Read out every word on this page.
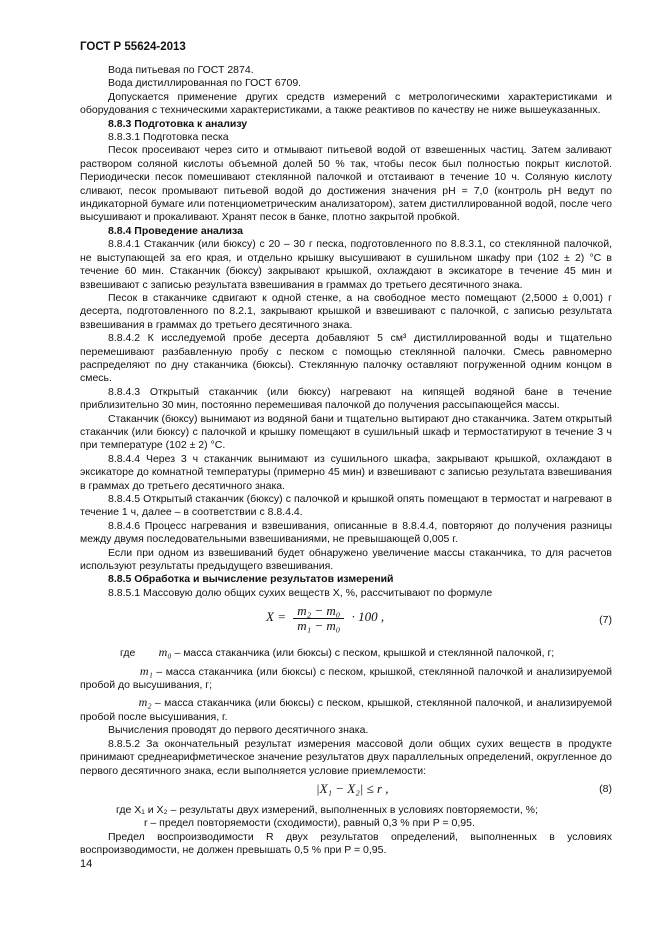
ГОСТ Р 55624-2013

Вода питьевая по ГОСТ 2874.

Вода дистиллированная по ГОСТ 6709.

Допускается применение других средств измерений с метрологическими характеристиками и оборудования с техническими характеристиками, а также реактивов по качеству не ниже вышеуказанных.

8.8.3 Подготовка к анализу

8.8.3.1 Подготовка песка

Песок просеивают через сито и отмывают питьевой водой от взвешенных частиц. Затем заливают раствором соляной кислоты объемной долей 50 % так, чтобы песок был полностью покрыт кислотой. Периодически песок помешивают стеклянной палочкой и отстаивают в течение 10 ч. Соляную кислоту сливают, песок промывают питьевой водой до достижения значения pH = 7,0 (контроль pH ведут по индикаторной бумаге или потенциометрическим анализатором), затем дистиллированной водой, после чего высушивают и прокаливают. Хранят песок в банке, плотно закрытой пробкой.

8.8.4 Проведение анализа

8.8.4.1 Стаканчик (или бюксу) с 20 – 30 г песка, подготовленного по 8.8.3.1, со стеклянной палочкой, не выступающей за его края, и отдельно крышку высушивают в сушильном шкафу при (102 ± 2) °С в течение 60 мин. Стаканчик (бюксу) закрывают крышкой, охлаждают в эксикаторе в течение 45 мин и взвешивают с записью результата взвешивания в граммах до третьего десятичного знака.

Песок в стаканчике сдвигают к одной стенке, а на свободное место помещают (2,5000 ± 0,001) г десерта, подготовленного по 8.2.1, закрывают крышкой и взвешивают с палочкой, с записью результата взвешивания в граммах до третьего десятичного знака.

8.8.4.2 К исследуемой пробе десерта добавляют 5 см³ дистиллированной воды и тщательно перемешивают разбавленную пробу с песком с помощью стеклянной палочки. Смесь равномерно распределяют по дну стаканчика (бюксы). Стеклянную палочку оставляют погруженной одним концом в смесь.

8.8.4.3 Открытый стаканчик (или бюксу) нагревают на кипящей водяной бане в течение приблизительно 30 мин, постоянно перемешивая палочкой до получения рассыпающейся массы.

Стаканчик (бюксу) вынимают из водяной бани и тщательно вытирают дно стаканчика. Затем открытый стаканчик (или бюксу) с палочкой и крышку помещают в сушильный шкаф и термостатируют в течение 3 ч при температуре (102 ± 2) °С.

8.8.4.4 Через 3 ч стаканчик вынимают из сушильного шкафа, закрывают крышкой, охлаждают в эксикаторе до комнатной температуры (примерно 45 мин) и взвешивают с записью результата взвешивания в граммах до третьего десятичного знака.

8.8.4.5 Открытый стаканчик (бюксу) с палочкой и крышкой опять помещают в термостат и нагревают в течение 1 ч, далее – в соответствии с 8.8.4.4.

8.8.4.6 Процесс нагревания и взвешивания, описанные в 8.8.4.4, повторяют до получения разницы между двумя последовательными взвешиваниями, не превышающей 0,005 г.

Если при одном из взвешиваний будет обнаружено увеличение массы стаканчика, то для расчетов используют результаты предыдущего взвешивания.

8.8.5 Обработка и вычисление результатов измерений

8.8.5.1 Массовую долю общих сухих веществ X, %, рассчитывают по формуле

$X = \frac{\text{m₂ − m₀}}{\text{m₁ − m₀}} \cdot 100$ ,	(7)

где m₀ – масса стаканчика (или бюксы) с песком, крышкой и стеклянной палочкой, г;

m₁ – масса стаканчика (или бюксы) с песком, крышкой, стеклянной палочкой и анализируемой пробой до высушивания, г;

m₂ – масса стаканчика (или бюксы) с песком, крышкой, стеклянной палочкой, и анализируемой пробой после высушивания, г.

Вычисления проводят до первого десятичного знака.

8.8.5.2 За окончательный результат измерения массовой доли общих сухих веществ в продукте принимают среднеарифметическое значение результатов двух параллельных определений, округленное до первого десятичного знака, если выполняется условие приемлемости:

|X₁ − X₂| ≤ r ,	(8)

где X₁ и X₂ – результаты двух измерений, выполненных в условиях повторяемости, %;

r – предел повторяемости (сходимости), равный 0,3 % при P = 0,95.

Предел воспроизводимости R двух результатов определений, выполненных в условиях воспроизводимости, не должен превышать 0,5 % при P = 0,95.

14
